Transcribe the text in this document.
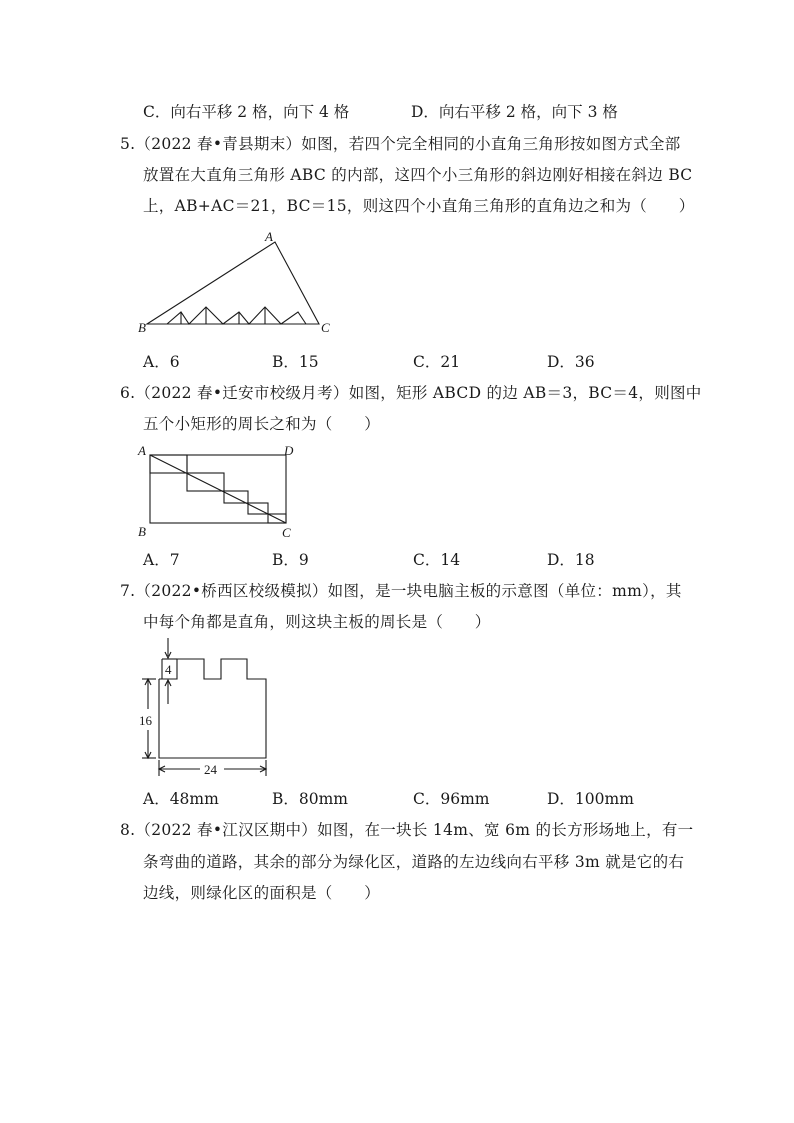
C．向右平移 2 格，向下 4 格	D．向右平移 2 格，向下 3 格
5.（2022 春•青县期末）如图，若四个完全相同的小直角三角形按如图方式全部
放置在大直角三角形 ABC 的内部，这四个小三角形的斜边刚好相接在斜边 BC
上，AB+AC＝21，BC＝15，则这四个小直角三角形的直角边之和为（　　）
A
B	C
A．6	B．15	C．21	D．36
6.（2022 春•迁安市校级月考）如图，矩形 ABCD 的边 AB＝3，BC＝4，则图中
五个小矩形的周长之和为（　　）
A	D
B	C
A．7	B．9	C．14	D．18
7.（2022•桥西区校级模拟）如图，是一块电脑主板的示意图（单位：mm），其
中每个角都是直角，则这块主板的周长是（　　）
4
16
24
A．48mm	B．80mm	C．96mm	D．100mm
8.（2022 春•江汉区期中）如图，在一块长 14m、宽 6m 的长方形场地上，有一
条弯曲的道路，其余的部分为绿化区，道路的左边线向右平移 3m 就是它的右
边线，则绿化区的面积是（　　）
